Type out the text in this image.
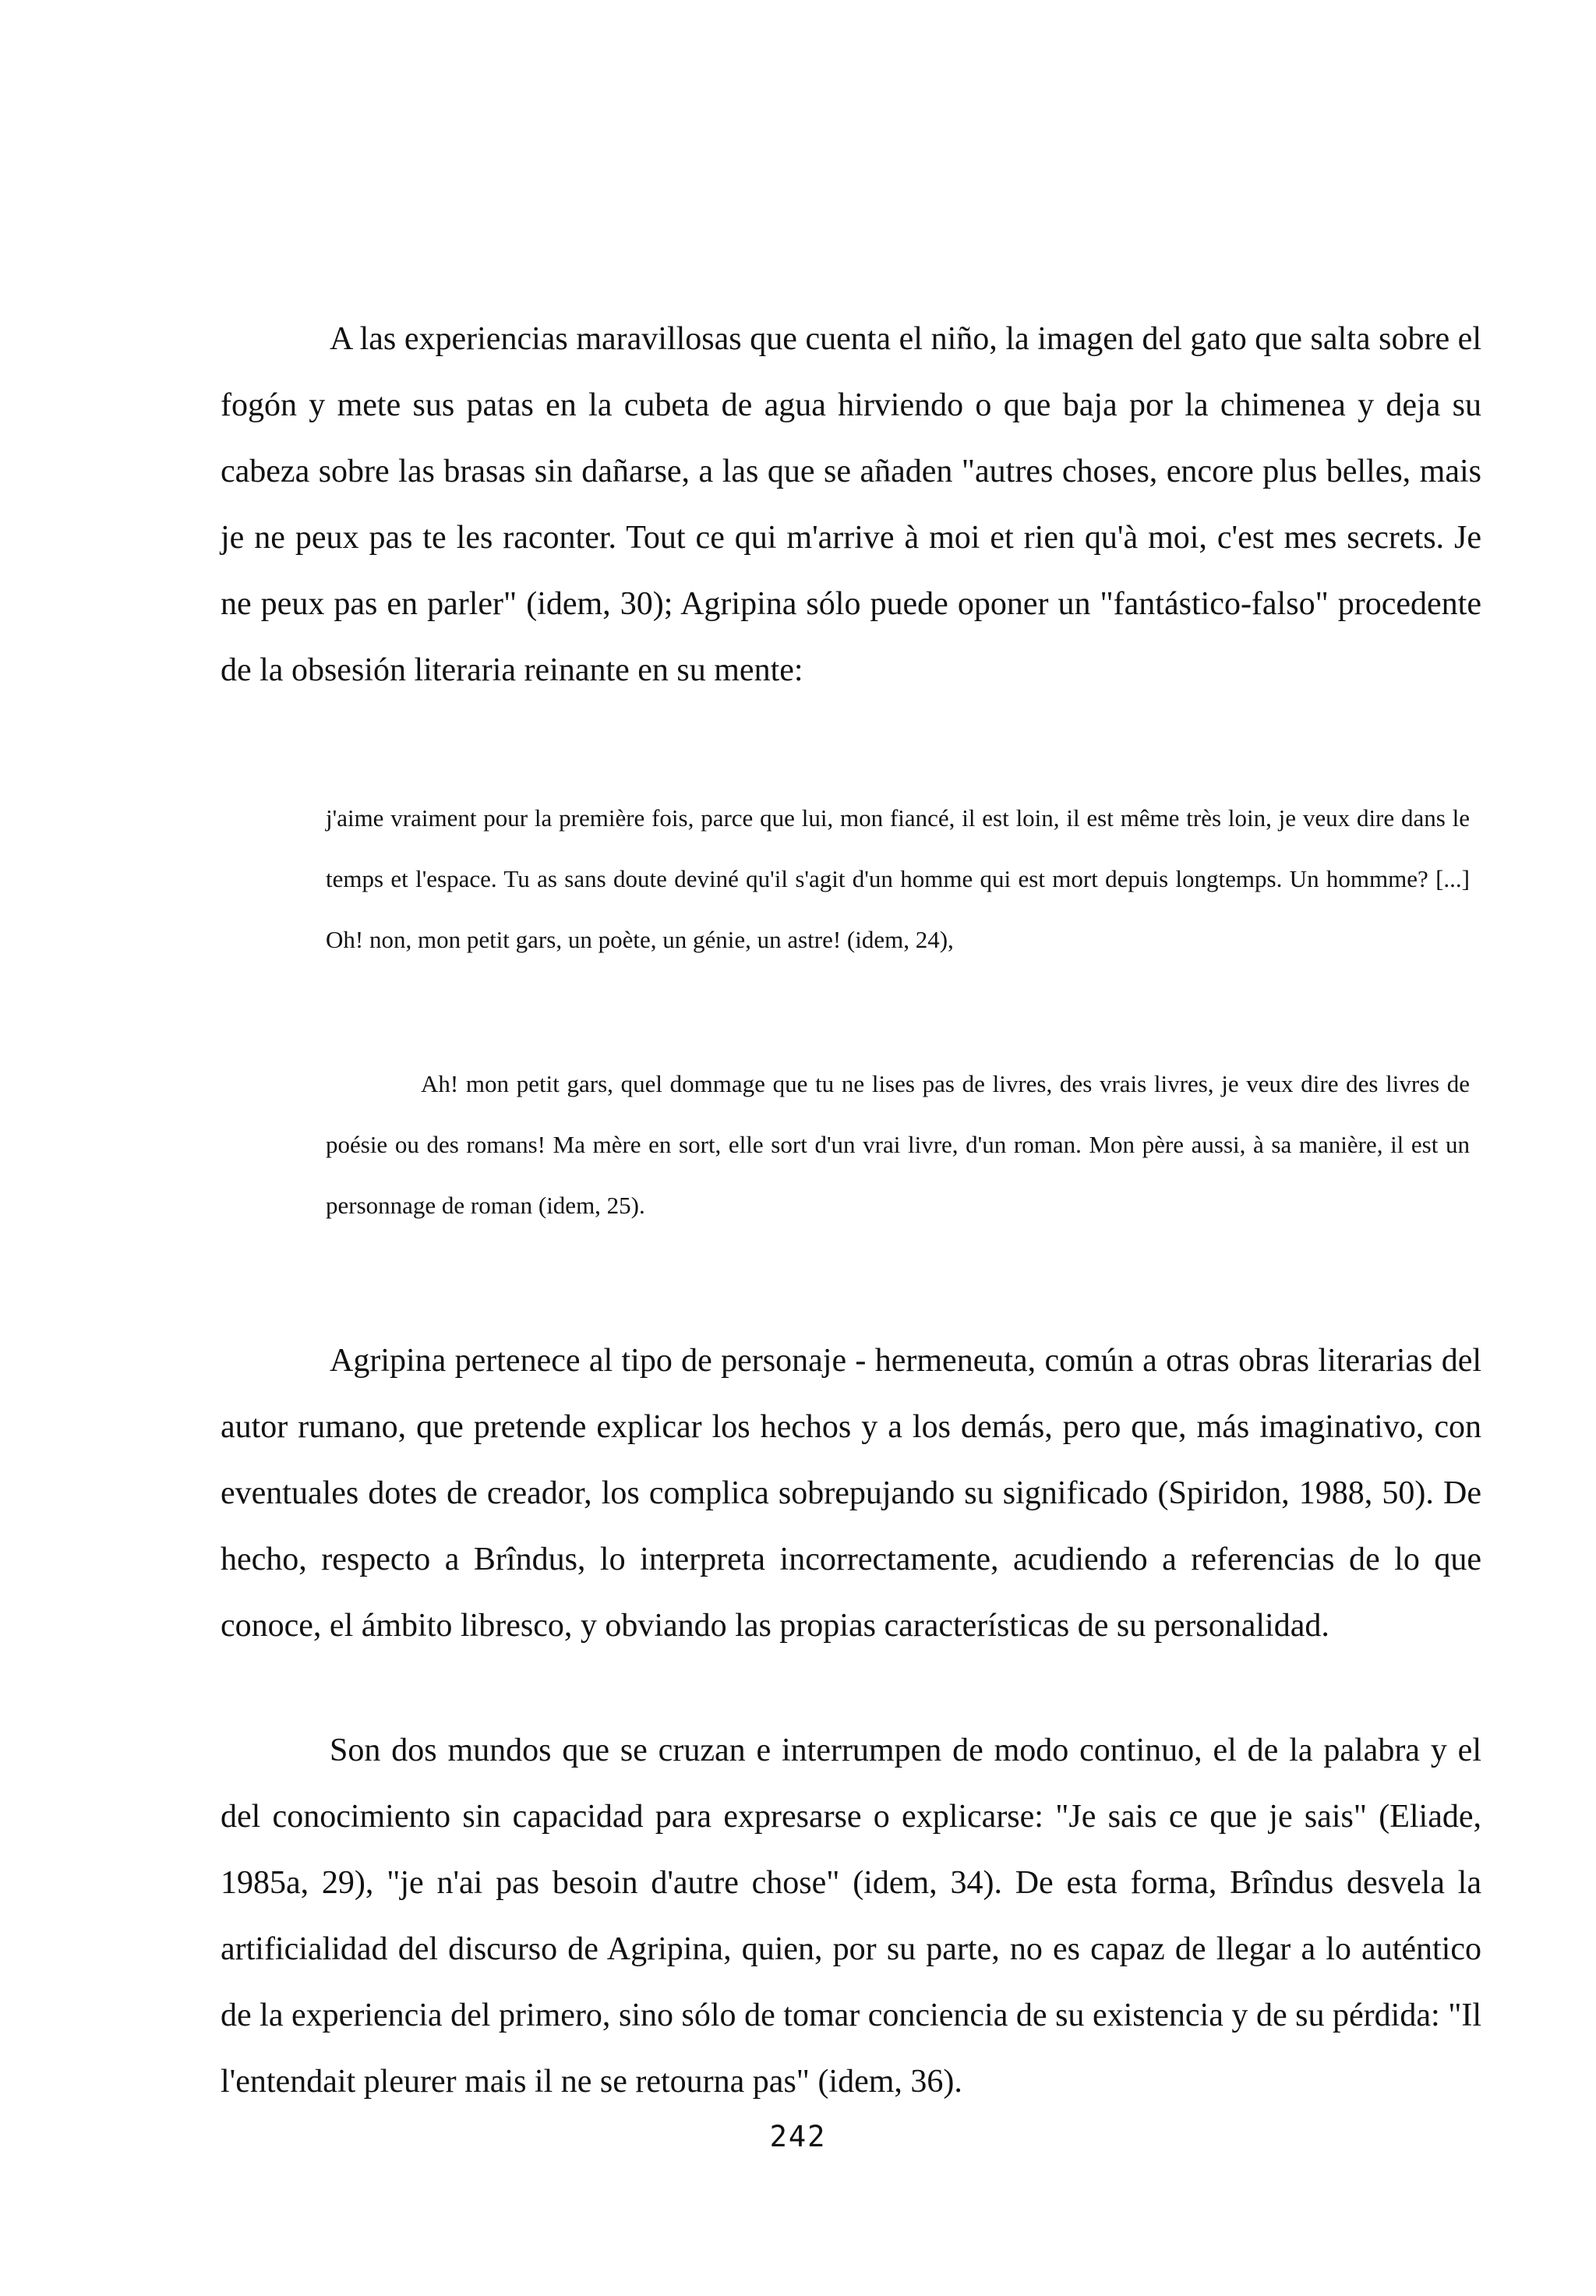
A las experiencias maravillosas que cuenta el niño, la imagen del gato que salta sobre el fogón y mete sus patas en la cubeta de agua hirviendo o que baja por la chimenea y deja su cabeza sobre las brasas sin dañarse, a las que se añaden "autres choses, encore plus belles, mais je ne peux pas te les raconter. Tout ce qui m'arrive à moi et rien qu'à moi, c'est mes secrets. Je ne peux pas en parler" (idem, 30); Agripina sólo puede oponer un "fantástico-falso" procedente de la obsesión literaria reinante en su mente:

j'aime vraiment pour la première fois, parce que lui, mon fiancé, il est loin, il est même très loin, je veux dire dans le temps et l'espace. Tu as sans doute deviné qu'il s'agit d'un homme qui est mort depuis longtemps. Un hommme? [...] Oh! non, mon petit gars, un poète, un génie, un astre! (idem, 24),

Ah! mon petit gars, quel dommage que tu ne lises pas de livres, des vrais livres, je veux dire des livres de poésie ou des romans! Ma mère en sort, elle sort d'un vrai livre, d'un roman. Mon père aussi, à sa manière, il est un personnage de roman (idem, 25).

Agripina pertenece al tipo de personaje - hermeneuta, común a otras obras literarias del autor rumano, que pretende explicar los hechos y a los demás, pero que, más imaginativo, con eventuales dotes de creador, los complica sobrepujando su significado (Spiridon, 1988, 50). De hecho, respecto a Brîndus, lo interpreta incorrectamente, acudiendo a referencias de lo que conoce, el ámbito libresco, y obviando las propias características de su personalidad.

Son dos mundos que se cruzan e interrumpen de modo continuo, el de la palabra y el del conocimiento sin capacidad para expresarse o explicarse: "Je sais ce que je sais" (Eliade, 1985a, 29), "je n'ai pas besoin d'autre chose" (idem, 34). De esta forma, Brîndus desvela la artificialidad del discurso de Agripina, quien, por su parte, no es capaz de llegar a lo auténtico de la experiencia del primero, sino sólo de tomar conciencia de su existencia y de su pérdida: "Il l'entendait pleurer mais il ne se retourna pas" (idem, 36).

242
